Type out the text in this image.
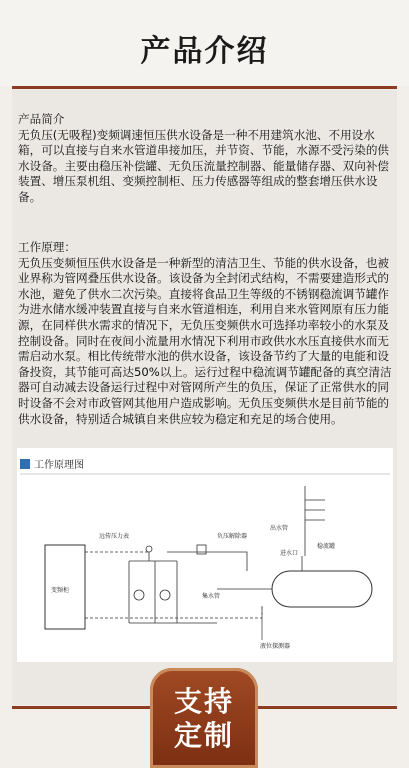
产品介绍
产品简介
无负压(无吸程)变频调速恒压供水设备是一种不用建筑水池、不用设水箱，可以直接与自来水管道串接加压，并节资、节能，水源不受污染的供水设备。主要由稳压补偿罐、无负压流量控制器、能量储存器、双向补偿装置、增压泵机组、变频控制柜、压力传感器等组成的整套增压供水设备。
工作原理：
无负压变频恒压供水设备是一种新型的清洁卫生、节能的供水设备，也被业界称为管网叠压供水设备。该设备为全封闭式结构，不需要建造形式的水池，避免了供水二次污染。直接将食品卫生等级的不锈钢稳流调节罐作为进水储水缓冲装置直接与自来水管道相连，利用自来水管网原有压力能源，在同样供水需求的情况下，无负压变频供水可选择功率较小的水泵及控制设备。同时在夜间小流量用水情况下利用市政供水水压直接供水而无需启动水泵。相比传统带水池的供水设备，该设备节约了大量的电能和设备投资，其节能可高达50%以上。运行过程中稳流调节罐配备的真空清洁器可自动减去设备运行过程中对管网所产生的负压，保证了正常供水的同时设备不会对市政管网其他用户造成影响。无负压变频供水是目前节能的供水设备，特别适合城镇自来供应较为稳定和充足的场合使用。
工作原理图
变频柜
远传压力表	负压解除器
集水管
进水口
稳流罐
出水管
液位探测器
支持
定制
